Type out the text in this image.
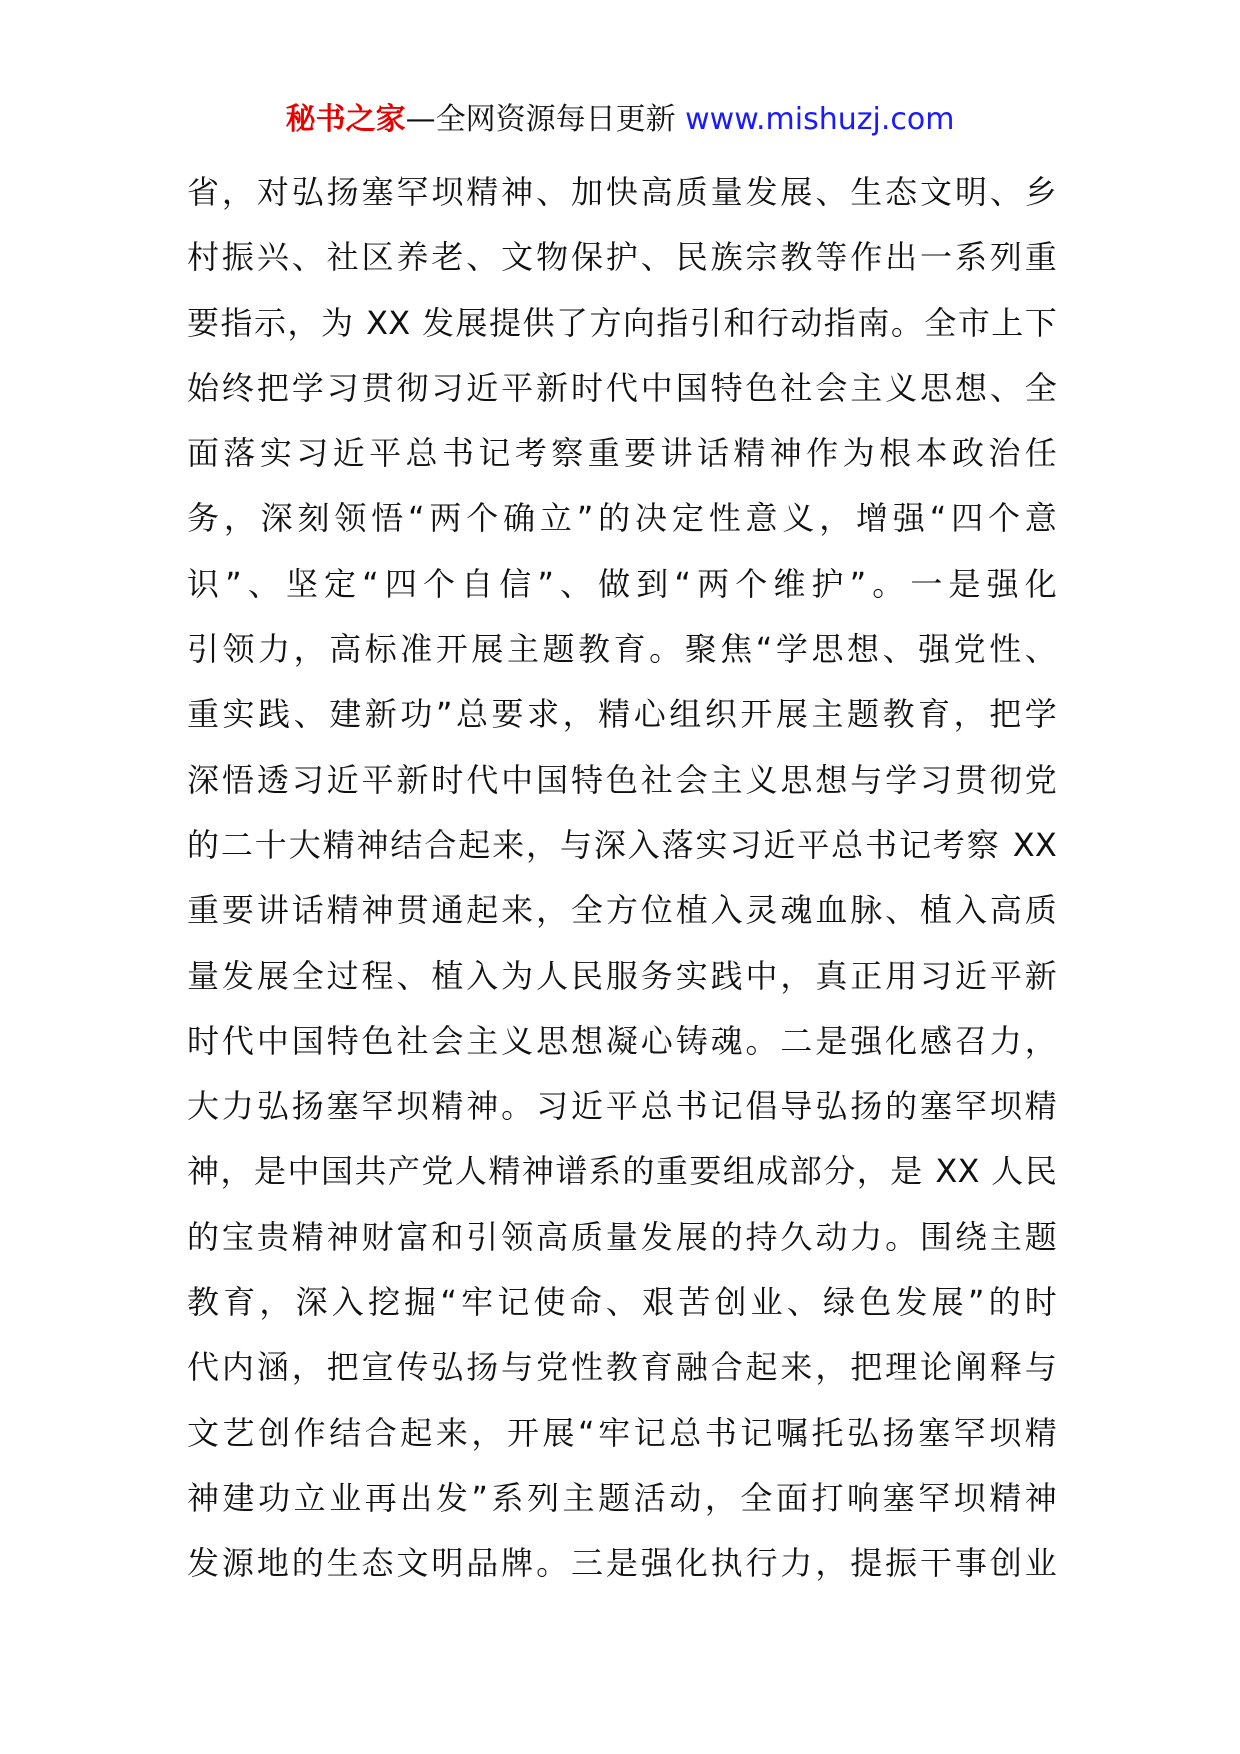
秘书之家—全网资源每日更新 www.mishuzj.com
省，对弘扬塞罕坝精神、加快高质量发展、生态文明、乡
村振兴、社区养老、文物保护、民族宗教等作出一系列重
要指示，为 XX 发展提供了方向指引和行动指南。全市上下
始终把学习贯彻习近平新时代中国特色社会主义思想、全
面落实习近平总书记考察重要讲话精神作为根本政治任
务，深刻领悟“两个确立”的决定性意义，增强“四个意
识”、坚定“四个自信”、做到“两个维护”。一是强化
引领力，高标准开展主题教育。聚焦“学思想、强党性、
重实践、建新功”总要求，精心组织开展主题教育，把学
深悟透习近平新时代中国特色社会主义思想与学习贯彻党
的二十大精神结合起来，与深入落实习近平总书记考察 XX
重要讲话精神贯通起来，全方位植入灵魂血脉、植入高质
量发展全过程、植入为人民服务实践中，真正用习近平新
时代中国特色社会主义思想凝心铸魂。二是强化感召力，
大力弘扬塞罕坝精神。习近平总书记倡导弘扬的塞罕坝精
神，是中国共产党人精神谱系的重要组成部分，是 XX 人民
的宝贵精神财富和引领高质量发展的持久动力。围绕主题
教育，深入挖掘“牢记使命、艰苦创业、绿色发展”的时
代内涵，把宣传弘扬与党性教育融合起来，把理论阐释与
文艺创作结合起来，开展“牢记总书记嘱托弘扬塞罕坝精
神建功立业再出发”系列主题活动，全面打响塞罕坝精神
发源地的生态文明品牌。三是强化执行力，提振干事创业
